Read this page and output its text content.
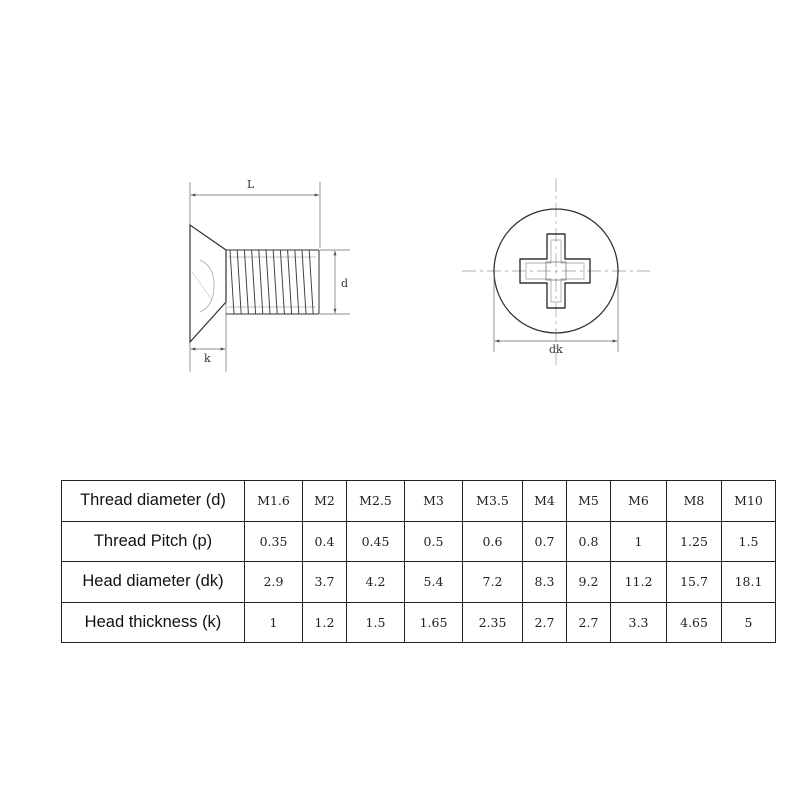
L
d
k
dk
Thread diameter (d)	M1.6	M2	M2.5	M3	M3.5	M4	M5	M6	M8	M10
Thread Pitch (p)	0.35	0.4	0.45	0.5	0.6	0.7	0.8	1	1.25	1.5
Head diameter (dk)	2.9	3.7	4.2	5.4	7.2	8.3	9.2	11.2	15.7	18.1
Head thickness (k)	1	1.2	1.5	1.65	2.35	2.7	2.7	3.3	4.65	5
